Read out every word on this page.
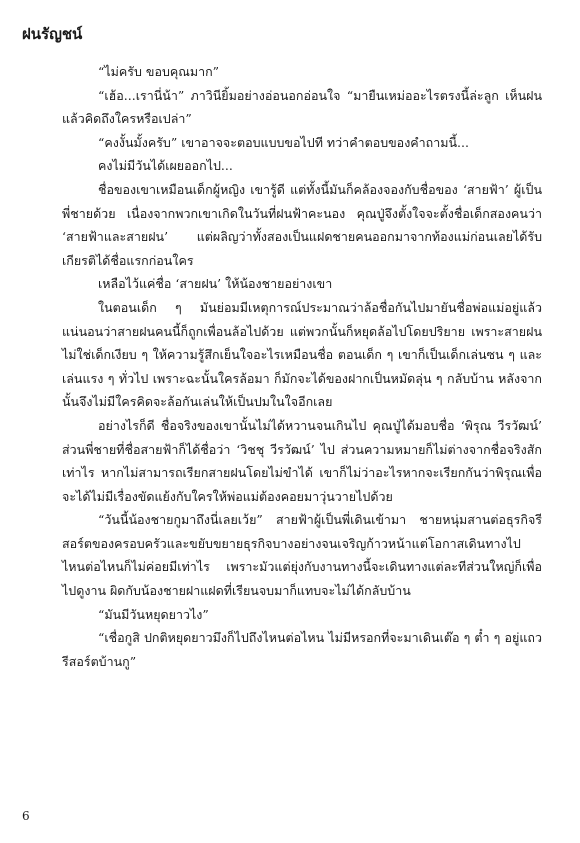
ฝนรัญชน์

“ไม่ครับ ขอบคุณมาก”

“เฮ้อ...เรานี่น้า” ภาวินียิ้มอย่างอ่อนอกอ่อนใจ “มายืนเหม่ออะไรตรงนี้ล่ะลูก เห็นฝนแล้วคิดถึงใครหรือเปล่า”

“คงงั้นมั้งครับ” เขาอาจจะตอบแบบขอไปที ทว่าคำตอบของคำถามนี้...

คงไม่มีวันได้เผยออกไป...

ชื่อของเขาเหมือนเด็กผู้หญิง เขารู้ดี แต่ทั้งนี้มันก็คล้องจองกับชื่อของ ‘สายฟ้า’ ผู้เป็นพี่ชายด้วย เนื่องจากพวกเขาเกิดในวันที่ฝนฟ้าคะนอง คุณปู่จึงตั้งใจจะตั้งชื่อเด็กสองคนว่า ‘สายฟ้าและสายฝน’ แต่ผลิญว่าทั้งสองเป็นแฝดชายคนออกมาจากท้องแม่ก่อนเลยได้รับเกียรติได้ชื่อแรกก่อนใคร

เหลือไว้แค่ชื่อ ‘สายฝน’ ให้น้องชายอย่างเขา

ในตอนเด็ก ๆ มันย่อมมีเหตุการณ์ประมาณว่าล้อชื่อกันไปมายันชื่อพ่อแม่อยู่แล้ว แน่นอนว่าสายฝนคนนี้ก็ถูกเพื่อนล้อไปด้วย แต่พวกนั้นก็หยุดล้อไปโดยปริยาย เพราะสายฝนไม่ใช่เด็กเงียบ ๆ ให้ความรู้สึกเย็นใจอะไรเหมือนชื่อ ตอนเด็ก ๆ เขาก็เป็นเด็กเล่นซน ๆ และเล่นแรง ๆ ทั่วไป เพราะฉะนั้นใครล้อมา ก็มักจะได้ของฝากเป็นหมัดลุ่น ๆ กลับบ้าน หลังจากนั้นจึงไม่มีใครคิดจะล้อกันเล่นให้เป็นปมในใจอีกเลย

อย่างไรก็ดี ชื่อจริงของเขานั้นไม่ได้หวานจนเกินไป คุณปู่ได้มอบชื่อ ‘พิรุณ วีรวัฒน์’ ส่วนพี่ชายที่ชื่อสายฟ้าก็ได้ชื่อว่า ‘วิชชุ วีรวัฒน์’ ไป ส่วนความหมายก็ไม่ต่างจากชื่อจริงสักเท่าไร หากไม่สามารถเรียกสายฝนโดยไม่ขำได้ เขาก็ไม่ว่าอะไรหากจะเรียกกันว่าพิรุณเพื่อจะได้ไม่มีเรื่องขัดแย้งกับใครให้พ่อแม่ต้องคอยมาวุ่นวายไปด้วย

“วันนี้น้องชายกูมาถึงนี่เลยเว้ย” สายฟ้าผู้เป็นพี่เดินเข้ามา ชายหนุ่มสานต่อธุรกิจรีสอร์ตของครอบครัวและขยับขยายธุรกิจบางอย่างจนเจริญก้าวหน้าแต่โอกาสเดินทางไปไหนต่อไหนก็ไม่ค่อยมีเท่าไร เพราะมัวแต่ยุ่งกับงานทางนี้จะเดินทางแต่ละทีส่วนใหญ่ก็เพื่อไปดูงาน ผิดกับน้องชายฝาแฝดที่เรียนจบมาก็แทบจะไม่ได้กลับบ้าน

“มันมีวันหยุดยาวไง”

“เชื่อกูสิ ปกติหยุดยาวมึงก็ไปถึงไหนต่อไหน ไม่มีหรอกที่จะมาเดินเต๊อ ๆ ต๋ำ ๆ อยู่แถวรีสอร์ตบ้านกู”

6
